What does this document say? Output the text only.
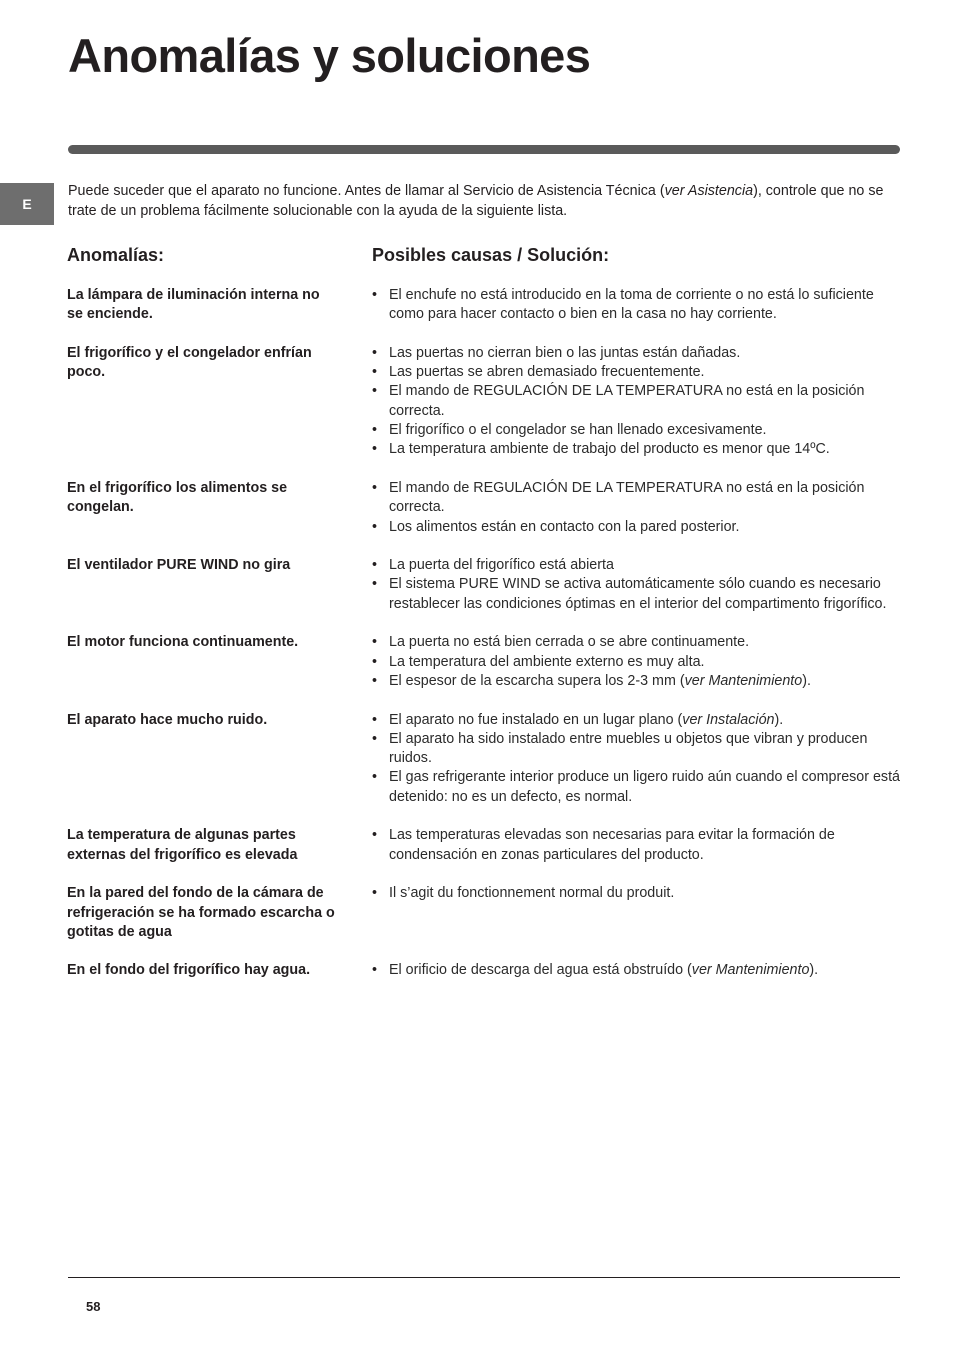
Anomalías y soluciones
E

Puede suceder que el aparato no funcione. Antes de llamar al Servicio de Asistencia Técnica (ver Asistencia), controle que no se trate de un problema fácilmente solucionable con la ayuda de la siguiente lista.

Anomalías:	Posibles causas / Solución:
La lámpara de iluminación interna no se enciende.
• El enchufe no está introducido en la toma de corriente o no está lo suficiente como para hacer contacto o bien en la casa no hay corriente.
El frigorífico y el congelador enfrían poco.
• Las puertas no cierran bien o las juntas están dañadas.
• Las puertas se abren demasiado frecuentemente.
• El mando de REGULACIÓN DE LA TEMPERATURA no está en la posición correcta.
• El frigorífico o el congelador se han llenado excesivamente.
• La temperatura ambiente de trabajo del producto es menor que 14ºC.
En el frigorífico los alimentos se congelan.
• El mando de REGULACIÓN DE LA TEMPERATURA no está en la posición correcta.
• Los alimentos están en contacto con la pared posterior.
El ventilador PURE WIND no gira	• La puerta del frigorífico está abierta
• El sistema PURE WIND se activa automáticamente sólo cuando es necesario restablecer las condiciones óptimas en el interior del compartimento frigorífico.
El motor funciona continuamente.	• La puerta no está bien cerrada o se abre continuamente.
• La temperatura del ambiente externo es muy alta.
• El espesor de la escarcha supera los 2-3 mm (ver Mantenimiento).
El aparato hace mucho ruido.	• El aparato no fue instalado en un lugar plano (ver Instalación).
• El aparato ha sido instalado entre muebles u objetos que vibran y producen ruidos.
• El gas refrigerante interior produce un ligero ruido aún cuando el compresor está detenido: no es un defecto, es normal.
La temperatura de algunas partes externas del frigorífico es elevada
• Las temperaturas elevadas son necesarias para evitar la formación de condensación en zonas particulares del producto.
En la pared del fondo de la cámara de refrigeración se ha formado escarcha o gotitas de agua
• Il s’agit du fonctionnement normal du produit.
En el fondo del frigorífico hay agua.	• El orificio de descarga del agua está obstruído (ver Mantenimiento).
58
